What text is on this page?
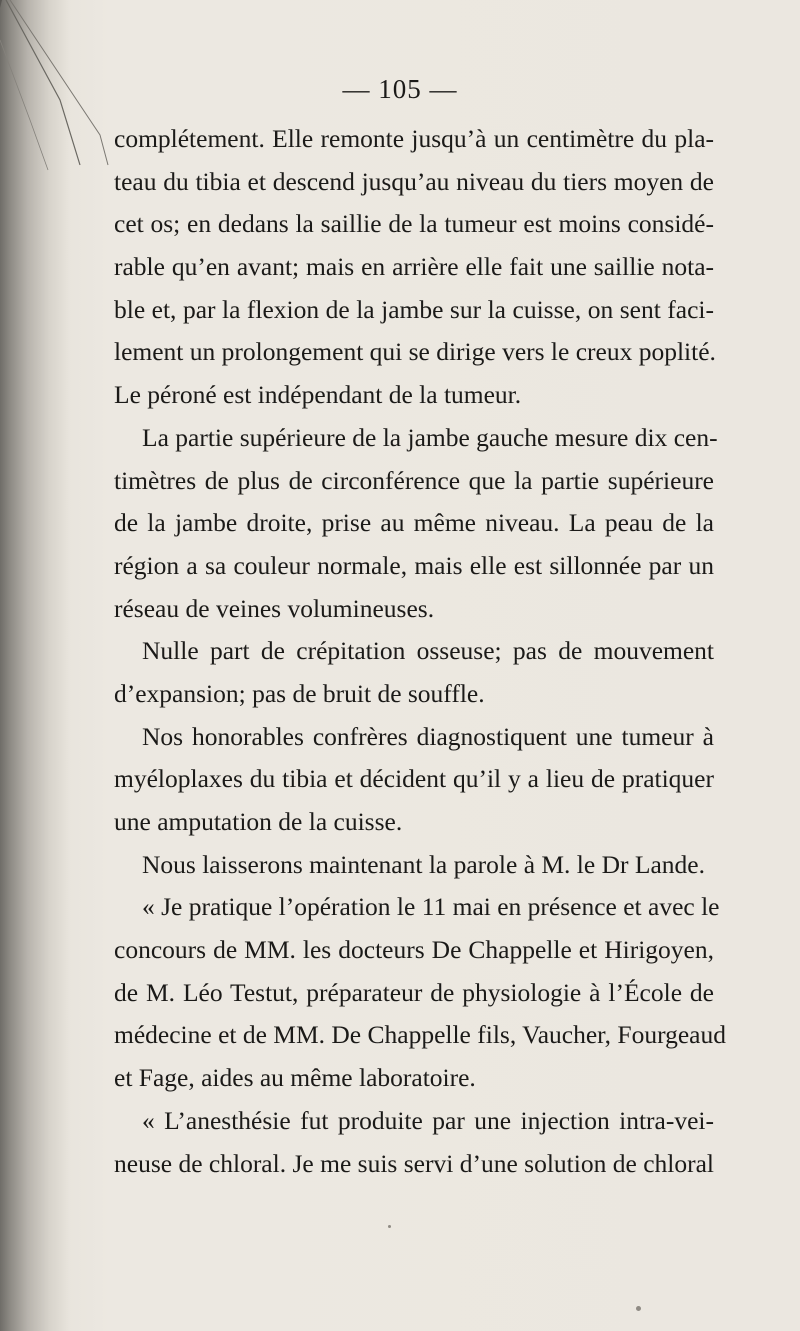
— 105 —
complétement. Elle remonte jusqu’à un centimètre du pla-
teau du tibia et descend jusqu’au niveau du tiers moyen de
cet os; en dedans la saillie de la tumeur est moins considé-
rable qu’en avant; mais en arrière elle fait une saillie nota-
ble et, par la flexion de la jambe sur la cuisse, on sent faci-
lement un prolongement qui se dirige vers le creux poplité.
Le péroné est indépendant de la tumeur.
La partie supérieure de la jambe gauche mesure dix cen-
timètres de plus de circonférence que la partie supérieure
de la jambe droite, prise au même niveau. La peau de la
région a sa couleur normale, mais elle est sillonnée par un
réseau de veines volumineuses.
Nulle part de crépitation osseuse; pas de mouvement
d’expansion; pas de bruit de souffle.
Nos honorables confrères diagnostiquent une tumeur à
myéloplaxes du tibia et décident qu’il y a lieu de pratiquer
une amputation de la cuisse.
Nous laisserons maintenant la parole à M. le Dr Lande.
« Je pratique l’opération le 11 mai en présence et avec le
concours de MM. les docteurs De Chappelle et Hirigoyen,
de M. Léo Testut, préparateur de physiologie à l’École de
médecine et de MM. De Chappelle fils, Vaucher, Fourgeaud
et Fage, aides au même laboratoire.
« L’anesthésie fut produite par une injection intra-vei-
neuse de chloral. Je me suis servi d’une solution de chloral
